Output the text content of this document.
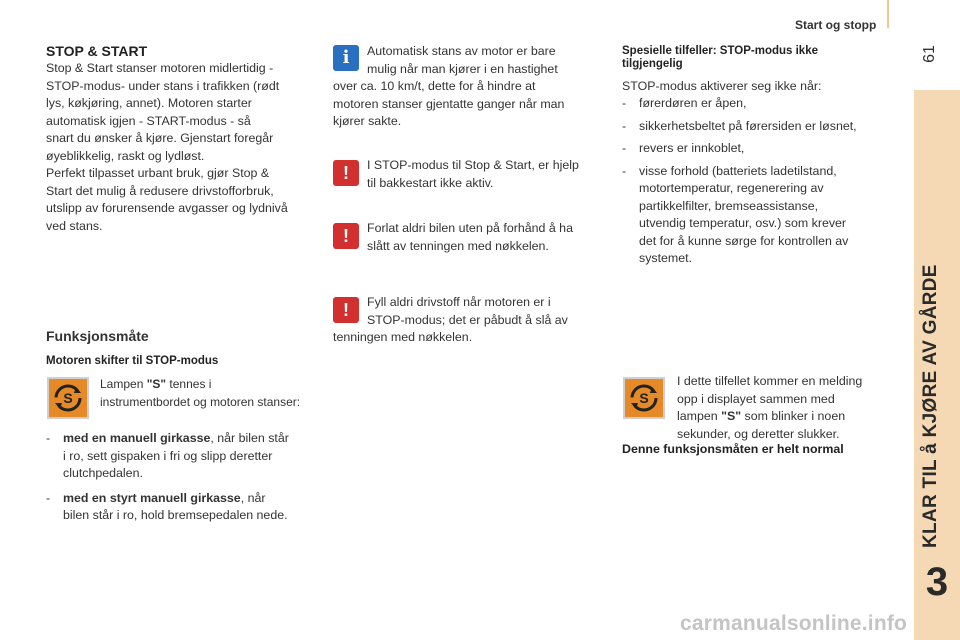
Start og stopp
61
KLAR TIL å KJØRE AV GÅRDE
3
STOP & START

Stop & Start stanser motoren midlertidig -

STOP-modus- under stans i trafikken (rødt

lys, køkjøring, annet). Motoren starter

automatisk igjen - START-modus - så

snart du ønsker å kjøre. Gjenstart foregår

øyeblikkelig, raskt og lydløst.

Perfekt tilpasset urbant bruk, gjør Stop &

Start det mulig å redusere drivstofforbruk,

utslipp av forurensende avgasser og lydnivå

ved stans.

Funksjonsmåte
Motoren skifter til STOP-modus
S

Lampen "S" tennes i

instrumentbordet og motoren stanser:

- med en manuell girkasse, når bilen står

i ro, sett gispaken i fri og slipp deretter

clutchpedalen.

- med en styrt manuell girkasse, når

bilen står i ro, hold bremsepedalen nede.

i	Automatisk stans av motor er bare

mulig når man kjører i en hastighet

over ca. 10 km/t, dette for å hindre at

motoren stanser gjentatte ganger når man

kjører sakte.

!	I STOP-modus til Stop & Start, er hjelp

til bakkestart ikke aktiv.

!	Forlat aldri bilen uten på forhånd å ha

slått av tenningen med nøkkelen.

!	Fyll aldri drivstoff når motoren er i

STOP-modus; det er påbudt å slå av

tenningen med nøkkelen.

Spesielle tilfeller: STOP-modus ikke
tilgjengelig

STOP-modus aktiverer seg ikke når:

- førerdøren er åpen,

- sikkerhetsbeltet på førersiden er løsnet,

- revers er innkoblet,

- visse forhold (batteriets ladetilstand,

motortemperatur, regenerering av

partikkelfilter, bremseassistanse,

utvendig temperatur, osv.) som krever

det for å kunne sørge for kontrollen av

systemet.

S

I dette tilfellet kommer en melding

opp i displayet sammen med

lampen "S" som blinker i noen

sekunder, og deretter slukker.

Denne funksjonsmåten er helt normal

carmanualsonline.info
